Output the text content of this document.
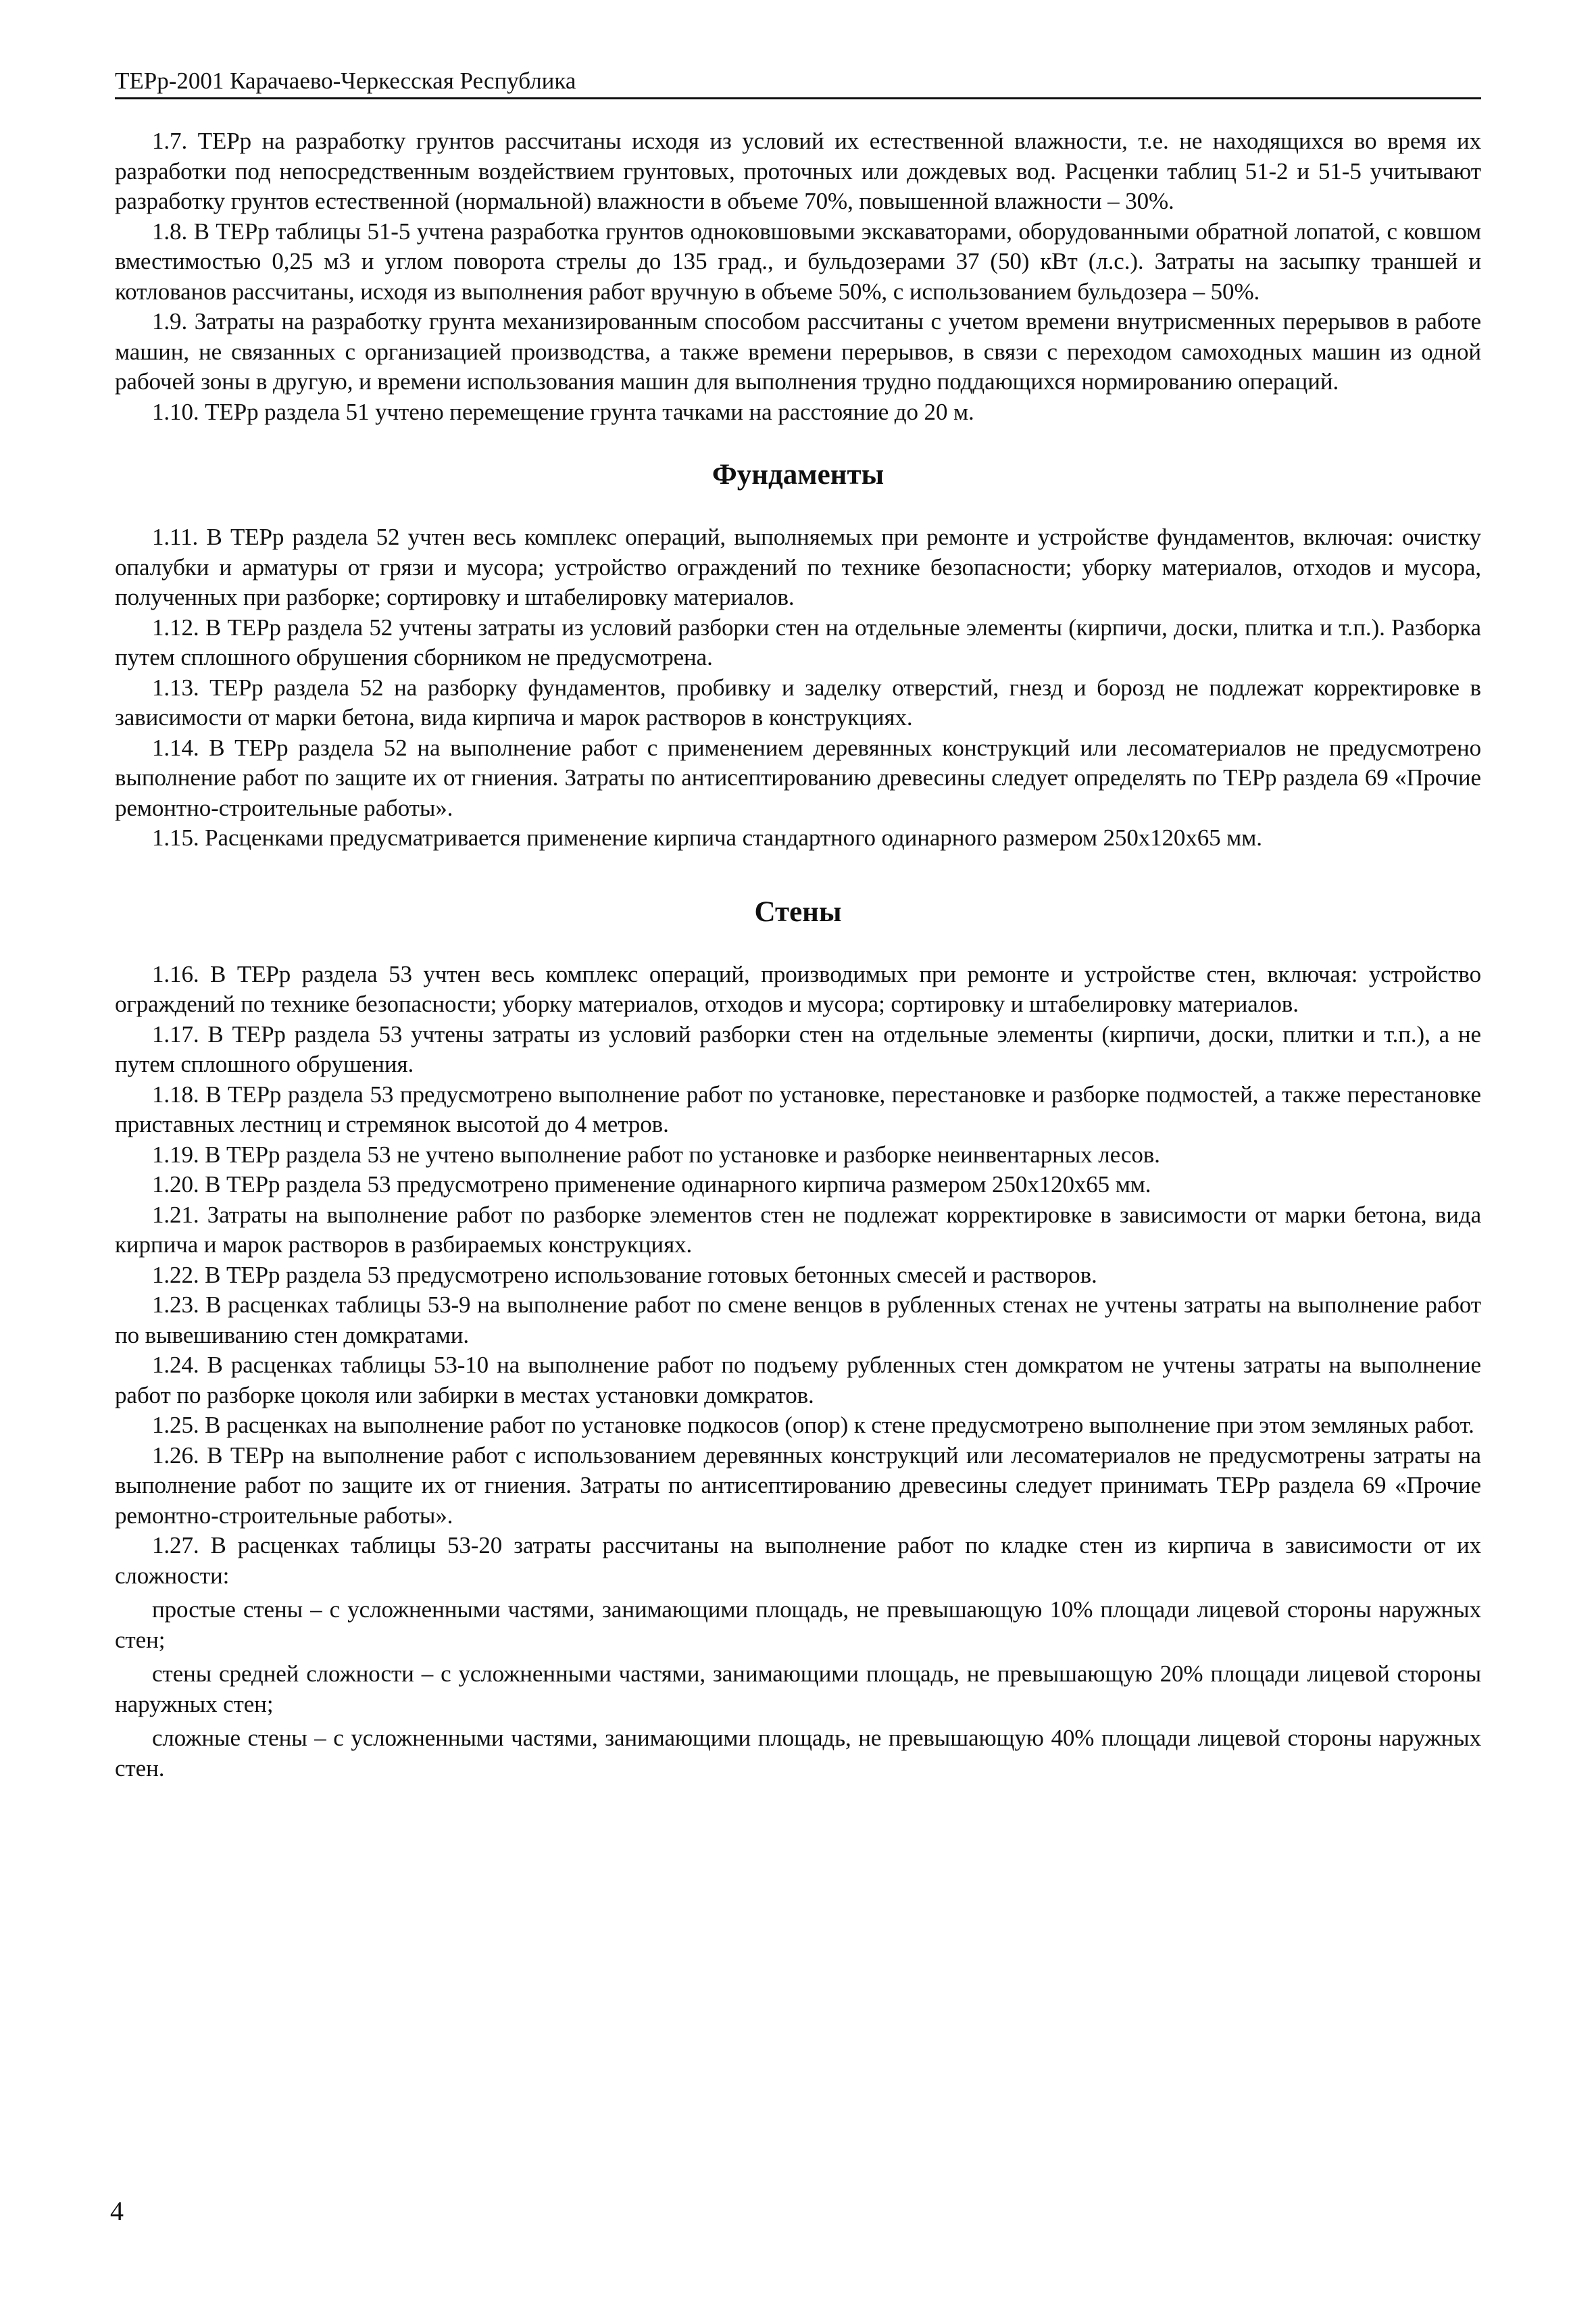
ТЕРр-2001 Карачаево-Черкесская Республика

1.7. ТЕРр на разработку грунтов рассчитаны исходя из условий их естественной влажности, т.е. не находящихся во время их разработки под непосредственным воздействием грунтовых, проточных или дождевых вод. Расценки таблиц 51-2 и 51-5 учитывают разработку грунтов естественной (нормальной) влажности в объеме 70%, повышенной влажности – 30%.

1.8. В ТЕРр таблицы 51-5 учтена разработка грунтов одноковшовыми экскаваторами, оборудованными обратной лопатой, с ковшом вместимостью 0,25 м3 и углом поворота стрелы до 135 град., и бульдозерами 37 (50) кВт (л.с.). Затраты на засыпку траншей и котлованов рассчитаны, исходя из выполнения работ вручную в объеме 50%, с использованием бульдозера – 50%.

1.9. Затраты на разработку грунта механизированным способом рассчитаны с учетом времени внутрисменных перерывов в работе машин, не связанных с организацией производства, а также времени перерывов, в связи с переходом самоходных машин из одной рабочей зоны в другую, и времени использования машин для выполнения трудно поддающихся нормированию операций.

1.10. ТЕРр раздела 51 учтено перемещение грунта тачками на расстояние до 20 м.

Фундаменты

1.11. В ТЕРр раздела 52 учтен весь комплекс операций, выполняемых при ремонте и устройстве фундаментов, включая: очистку опалубки и арматуры от грязи и мусора; устройство ограждений по технике безопасности; уборку материалов, отходов и мусора, полученных при разборке; сортировку и штабелировку материалов.

1.12. В ТЕРр раздела 52 учтены затраты из условий разборки стен на отдельные элементы (кирпичи, доски, плитка и т.п.). Разборка путем сплошного обрушения сборником не предусмотрена.

1.13. ТЕРр раздела 52 на разборку фундаментов, пробивку и заделку отверстий, гнезд и борозд не подлежат корректировке в зависимости от марки бетона, вида кирпича и марок растворов в конструкциях.

1.14. В ТЕРр раздела 52 на выполнение работ с применением деревянных конструкций или лесоматериалов не предусмотрено выполнение работ по защите их от гниения. Затраты по антисептированию древесины следует определять по ТЕРр раздела 69 «Прочие ремонтно-строительные работы».

1.15. Расценками предусматривается применение кирпича стандартного одинарного размером 250х120х65 мм.

Стены

1.16. В ТЕРр раздела 53 учтен весь комплекс операций, производимых при ремонте и устройстве стен, включая: устройство ограждений по технике безопасности; уборку материалов, отходов и мусора; сортировку и штабелировку материалов.

1.17. В ТЕРр раздела 53 учтены затраты из условий разборки стен на отдельные элементы (кирпичи, доски, плитки и т.п.), а не путем сплошного обрушения.

1.18. В ТЕРр раздела 53 предусмотрено выполнение работ по установке, перестановке и разборке подмостей, а также перестановке приставных лестниц и стремянок высотой до 4 метров.

1.19. В ТЕРр раздела 53 не учтено выполнение работ по установке и разборке неинвентарных лесов.

1.20. В ТЕРр раздела 53 предусмотрено применение одинарного кирпича размером 250х120х65 мм.

1.21. Затраты на выполнение работ по разборке элементов стен не подлежат корректировке в зависимости от марки бетона, вида кирпича и марок растворов в разбираемых конструкциях.

1.22. В ТЕРр раздела 53 предусмотрено использование готовых бетонных смесей и растворов.

1.23. В расценках таблицы 53-9 на выполнение работ по смене венцов в рубленных стенах не учтены затраты на выполнение работ по вывешиванию стен домкратами.

1.24. В расценках таблицы 53-10 на выполнение работ по подъему рубленных стен домкратом не учтены затраты на выполнение работ по разборке цоколя или забирки в местах установки домкратов.

1.25. В расценках на выполнение работ по установке подкосов (опор) к стене предусмотрено выполнение при этом земляных работ.

1.26. В ТЕРр на выполнение работ с использованием деревянных конструкций или лесоматериалов не предусмотрены затраты на выполнение работ по защите их от гниения. Затраты по антисептированию древесины следует принимать ТЕРр раздела 69 «Прочие ремонтно-строительные работы».

1.27. В расценках таблицы 53-20 затраты рассчитаны на выполнение работ по кладке стен из кирпича в зависимости от их сложности:

простые стены – с усложненными частями, занимающими площадь, не превышающую 10% площади лицевой стороны наружных стен;

стены средней сложности – с усложненными частями, занимающими площадь, не превышающую 20% площади лицевой стороны наружных стен;

сложные стены – с усложненными частями, занимающими площадь, не превышающую 40% площади лицевой стороны наружных стен.

4
